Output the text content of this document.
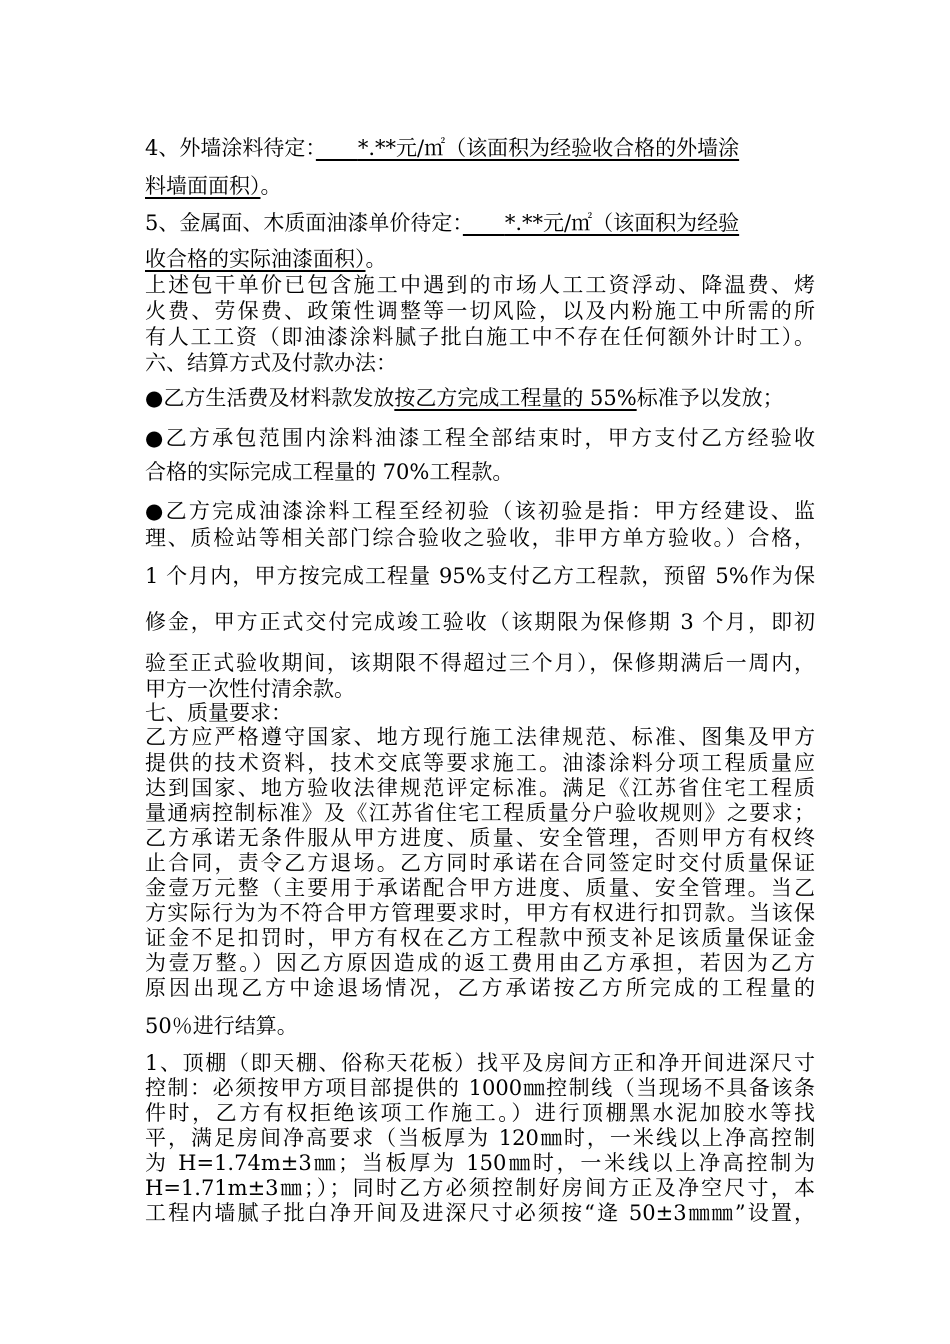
4、外墙涂料待定：　　 *.**元/㎡（该面积为经验收合格的外墙涂
料墙面面积）。
5、金属面、木质面油漆单价待定：　　 *.**元/㎡（该面积为经验
收合格的实际油漆面积）。
上述包干单价已包含施工中遇到的市场人工工资浮动、降温费、烤
火费、劳保费、政策性调整等一切风险，以及内粉施工中所需的所
有人工工资（即油漆涂料腻子批白施工中不存在任何额外计时工）。
六、结算方式及付款办法：
●乙方生活费及材料款发放按乙方完成工程量的 55%标准予以发放；
●乙方承包范围内涂料油漆工程全部结束时，甲方支付乙方经验收
合格的实际完成工程量的 70%工程款。
●乙方完成油漆涂料工程至经初验（该初验是指：甲方经建设、监
理、质检站等相关部门综合验收之验收，非甲方单方验收。）合格，
1 个月内，甲方按完成工程量 95%支付乙方工程款，预留 5%作为保
修金，甲方正式交付完成竣工验收（该期限为保修期 3 个月，即初
验至正式验收期间，该期限不得超过三个月），保修期满后一周内，
甲方一次性付清余款。
七、质量要求：
乙方应严格遵守国家、地方现行施工法律规范、标准、图集及甲方
提供的技术资料，技术交底等要求施工。油漆涂料分项工程质量应
达到国家、地方验收法律规范评定标准。满足《江苏省住宅工程质
量通病控制标准》及《江苏省住宅工程质量分户验收规则》之要求；
乙方承诺无条件服从甲方进度、质量、安全管理，否则甲方有权终
止合同，责令乙方退场。乙方同时承诺在合同签定时交付质量保证
金壹万元整（主要用于承诺配合甲方进度、质量、安全管理。当乙
方实际行为为不符合甲方管理要求时，甲方有权进行扣罚款。当该保
证金不足扣罚时，甲方有权在乙方工程款中预支补足该质量保证金
为壹万整。）因乙方原因造成的返工费用由乙方承担，若因为乙方
原因出现乙方中途退场情况，乙方承诺按乙方所完成的工程量的
50％进行结算。
1、顶棚（即天棚、俗称天花板）找平及房间方正和净开间进深尺寸
控制：必须按甲方项目部提供的 1000㎜控制线（当现场不具备该条
件时，乙方有权拒绝该项工作施工。）进行顶棚黑水泥加胶水等找
平，满足房间净高要求（当板厚为 120㎜时，一米线以上净高控制
为 H=1.74m±3㎜；当板厚为 150㎜时，一米线以上净高控制为
H=1.71m±3㎜；）；同时乙方必须控制好房间方正及净空尺寸，本
工程内墙腻子批白净开间及进深尺寸必须按“逄 50±3㎜㎜”设置，
